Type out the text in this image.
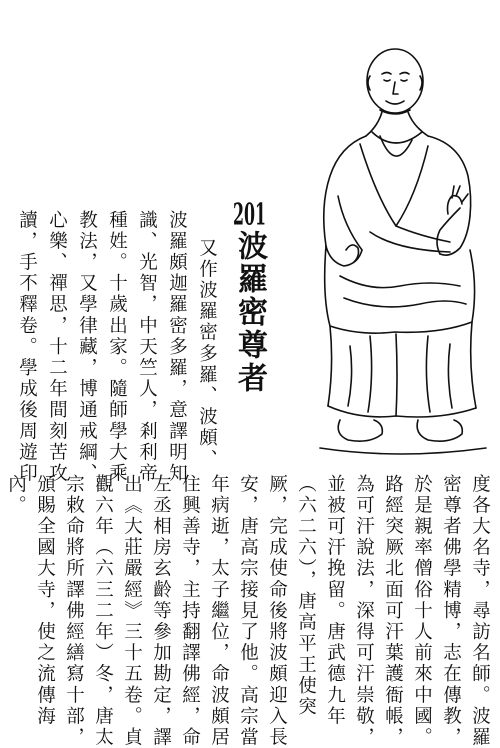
201波羅密尊者
又作波羅密多羅、波頗、
波羅頗迦羅密多羅，意譯明知
識、光智，中天竺人，剎利帝
種姓。十歲出家。隨師學大乘
教法，又學律藏，博通戒綱、
心樂、禪思，十二年間刻苦攻
讀，手不釋卷。學成後周遊印
度各大名寺，尋訪名師。波羅
密尊者佛學精博，志在傳教，
於是親率僧俗十人前來中國。
路經突厥北面可汗葉護衙帳，
為可汗說法，深得可汗崇敬，
並被可汗挽留。唐武德九年
（六二六），唐高平王使突
厥，完成使命後將波頗迎入長
安，唐高宗接見了他。高宗當
年病逝，太子繼位，命波頗居
住興善寺，主持翻譯佛經，命
左丞相房玄齡等參加勘定，譯
出《大莊嚴經》三十五卷。貞
觀六年（六三二年）冬，唐太
宗敕命將所譯佛經繕寫十部，
頒賜全國大寺，使之流傳海
內。
